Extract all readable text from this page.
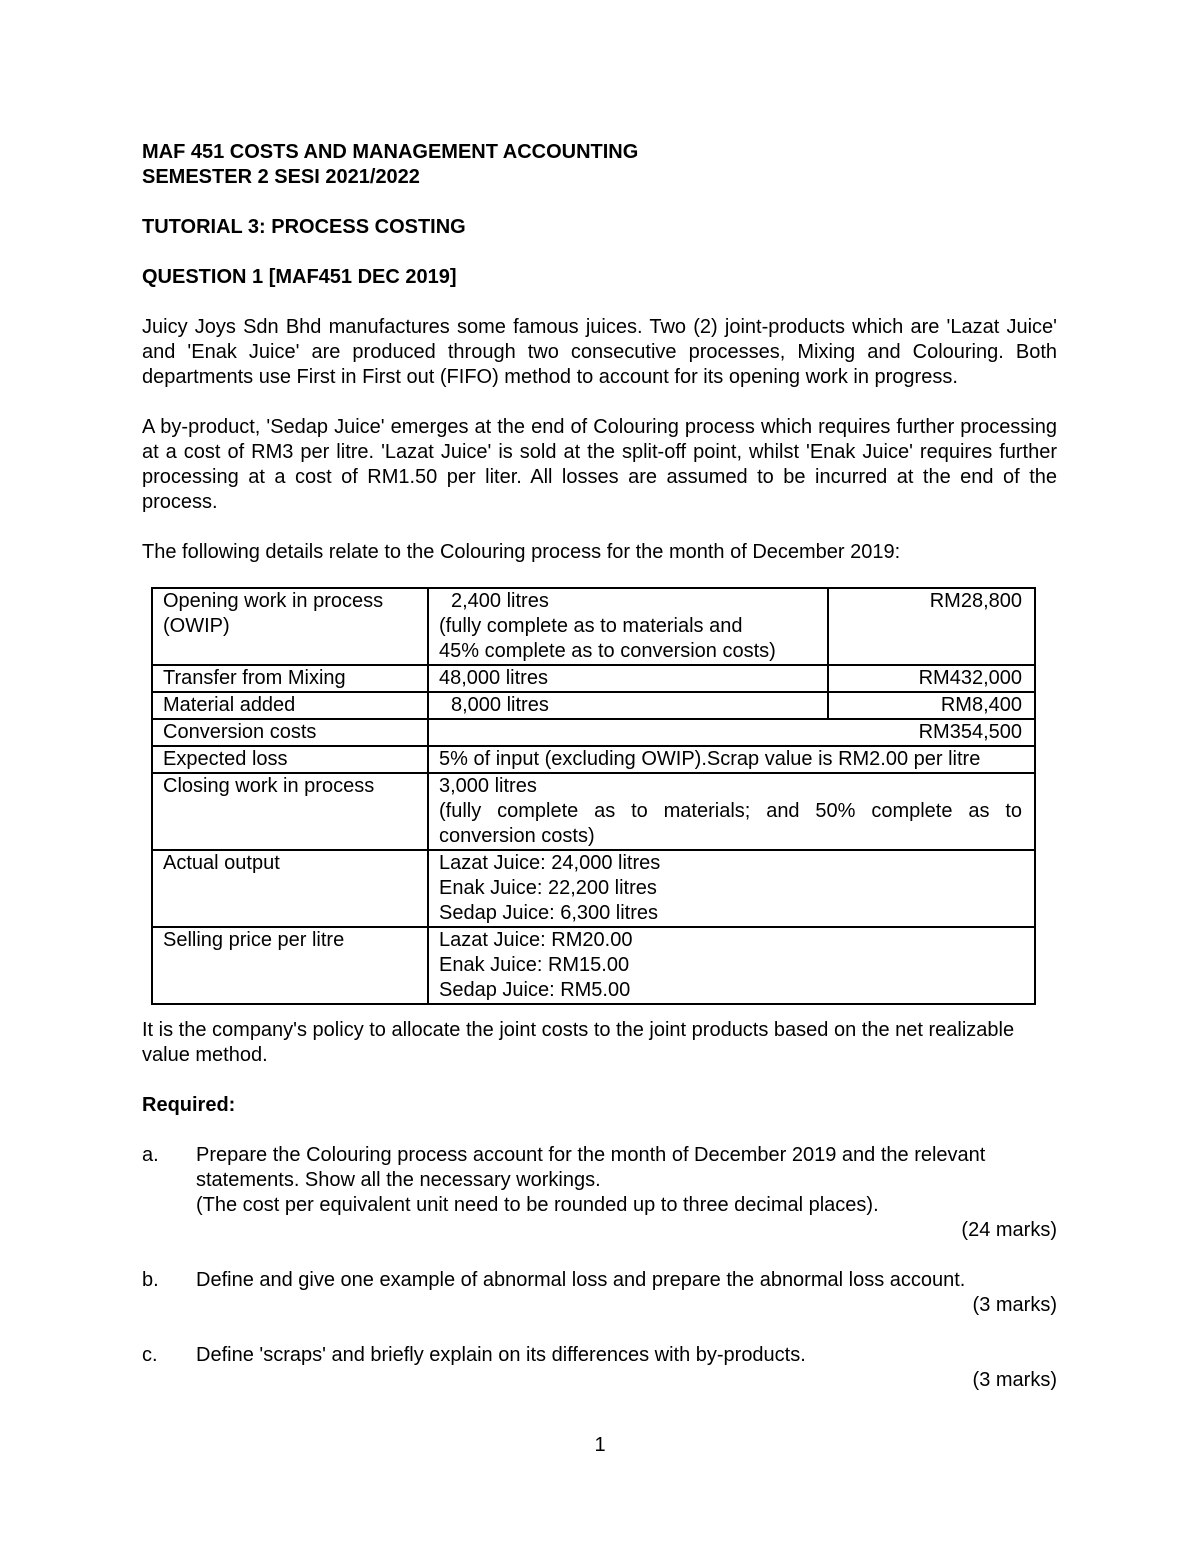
MAF 451 COSTS AND MANAGEMENT ACCOUNTING

SEMESTER 2 SESI 2021/2022

TUTORIAL 3: PROCESS COSTING

QUESTION 1 [MAF451 DEC 2019]

Juicy Joys Sdn Bhd manufactures some famous juices. Two (2) joint-products which are 'Lazat Juice' and 'Enak Juice' are produced through two consecutive processes, Mixing and Colouring. Both departments use First in First out (FIFO) method to account for its opening work in progress.

A by-product, 'Sedap Juice' emerges at the end of Colouring process which requires further processing at a cost of RM3 per litre. 'Lazat Juice' is sold at the split-off point, whilst 'Enak Juice' requires further processing at a cost of RM1.50 per liter. All losses are assumed to be incurred at the end of the process.

The following details relate to the Colouring process for the month of December 2019:

Opening work in process (OWIP)	2,400 litres
(fully complete as to materials and
45% complete as to conversion costs)	RM28,800
Transfer from Mixing	48,000 litres	RM432,000
Material added	8,000 litres	RM8,400
Conversion costs	RM354,500	
Expected loss	5% of input (excluding OWIP).Scrap value is RM2.00 per litre	
Closing work in process	3,000 litres
(fully complete as to materials; and 50% complete as to conversion costs)	

Actual output	Lazat Juice: 24,000 litres
Enak Juice: 22,200 litres
Sedap Juice: 6,300 litres	

Selling price per litre	Lazat Juice: RM20.00
Enak Juice: RM15.00
Sedap Juice: RM5.00	

It is the company's policy to allocate the joint costs to the joint products based on the net realizable value method.

Required:

a. Prepare the Colouring process account for the month of December 2019 and the relevant statements. Show all the necessary workings.

(The cost per equivalent unit need to be rounded up to three decimal places).

(24 marks)

b. Define and give one example of abnormal loss and prepare the abnormal loss account.

(3 marks)

c. Define 'scraps' and briefly explain on its differences with by-products.

(3 marks)

1
